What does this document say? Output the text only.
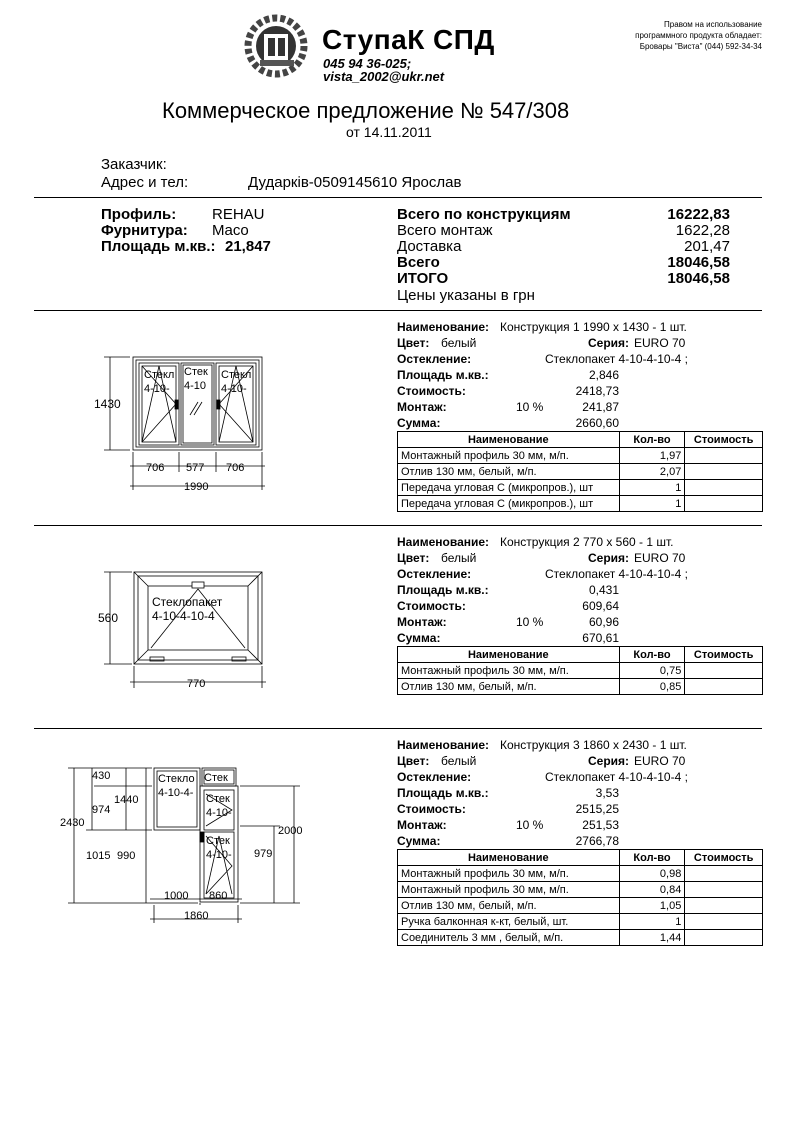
СтупаК СПД
045 94 36-025;
vista_2002@ukr.net
Правом на использование
программного продукта обладает:
Бровары "Виста" (044) 592-34-34
Коммерческое предложение № 547/308
от 14.11.2011
Заказчик:
Адрес и тел:	Дударків-0509145610 Ярослав
Профиль: REHAU
Фурнитура: Maco
Площадь м.кв.: 21,847
Всего по конструкциям	16222,83
Всего монтаж	1622,28
Доставка	201,47
Всего	18046,58
ИТОГО	18046,58
Цены указаны в грн
Стекл
4-10-
Стек
4-10
Стекл
4-10-
1430
706 577 706
1990
Стеклопакет
4-10-4-10-4
560
770
Стекло
4-10-4-
Стек
Стек
4-10-
Стек
4-10-
430
1440
974
2430
1015 990
2000
979
1000 860
1860
Наименование: Конструкция 1 1990 х 1430 - 1 шт.
Цвет: белый	Серия: EURO 70
Остекление:	Стеклопакет 4-10-4-10-4 ;
Площадь м.кв.:	2,846
Стоимость:	2418,73
Монтаж:	10 %	241,87
Сумма:	2660,60
Наименование	Кол-во	Стоимость
Монтажный профиль 30 мм, м/п.	1,97	
Отлив 130 мм, белый, м/п.	2,07	
Передача угловая С (микропров.), шт	1	
Передача угловая С (микропров.), шт	1	
Наименование: Конструкция 2 770 х 560 - 1 шт.
Цвет: белый	Серия: EURO 70
Остекление:	Стеклопакет 4-10-4-10-4 ;
Площадь м.кв.:	0,431
Стоимость:	609,64
Монтаж:	10 %	60,96
Сумма:	670,61
Наименование	Кол-во	Стоимость
Монтажный профиль 30 мм, м/п.	0,75	
Отлив 130 мм, белый, м/п.	0,85	
Наименование: Конструкция 3 1860 х 2430 - 1 шт.
Цвет: белый	Серия: EURO 70
Остекление:	Стеклопакет 4-10-4-10-4 ;
Площадь м.кв.:	3,53
Стоимость:	2515,25
Монтаж:	10 %	251,53
Сумма:	2766,78
Наименование	Кол-во	Стоимость
Монтажный профиль 30 мм, м/п.	0,98	
Монтажный профиль 30 мм, м/п.	0,84	
Отлив 130 мм, белый, м/п.	1,05	
Ручка балконная к-кт, белый, шт.	1	
Соединитель 3 мм , белый, м/п.	1,44	
